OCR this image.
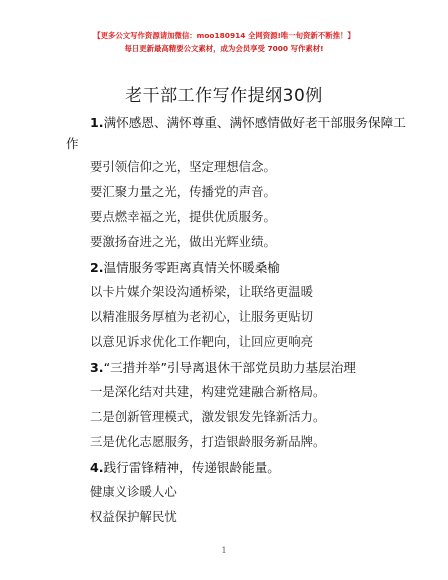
【更多公文写作资源请加微信：moo180914 全网资源!唯一旬资新不断推！】
每日更新最高精要公文素材，成为会员享受 7000 写作素材!
老干部工作写作提纲30例
1.满怀感恩、满怀尊重、满怀感情做好老干部服务保障工
作
要引领信仰之光，坚定理想信念。
要汇聚力量之光，传播党的声音。
要点燃幸福之光，提供优质服务。
要激扬奋进之光，做出光辉业绩。
2.温情服务零距离真情关怀暖桑榆
以卡片媒介架设沟通桥梁，让联络更温暖
以精准服务厚植为老初心，让服务更贴切
以意见诉求优化工作靶向，让回应更响亮
3.“三措并举”引导离退休干部党员助力基层治理
一是深化结对共建，构建党建融合新格局。
二是创新管理模式，激发银发先锋新活力。
三是优化志愿服务，打造银龄服务新品牌。
4.践行雷锋精神，传递银龄能量。
健康义诊暖人心
权益保护解民忧
1
